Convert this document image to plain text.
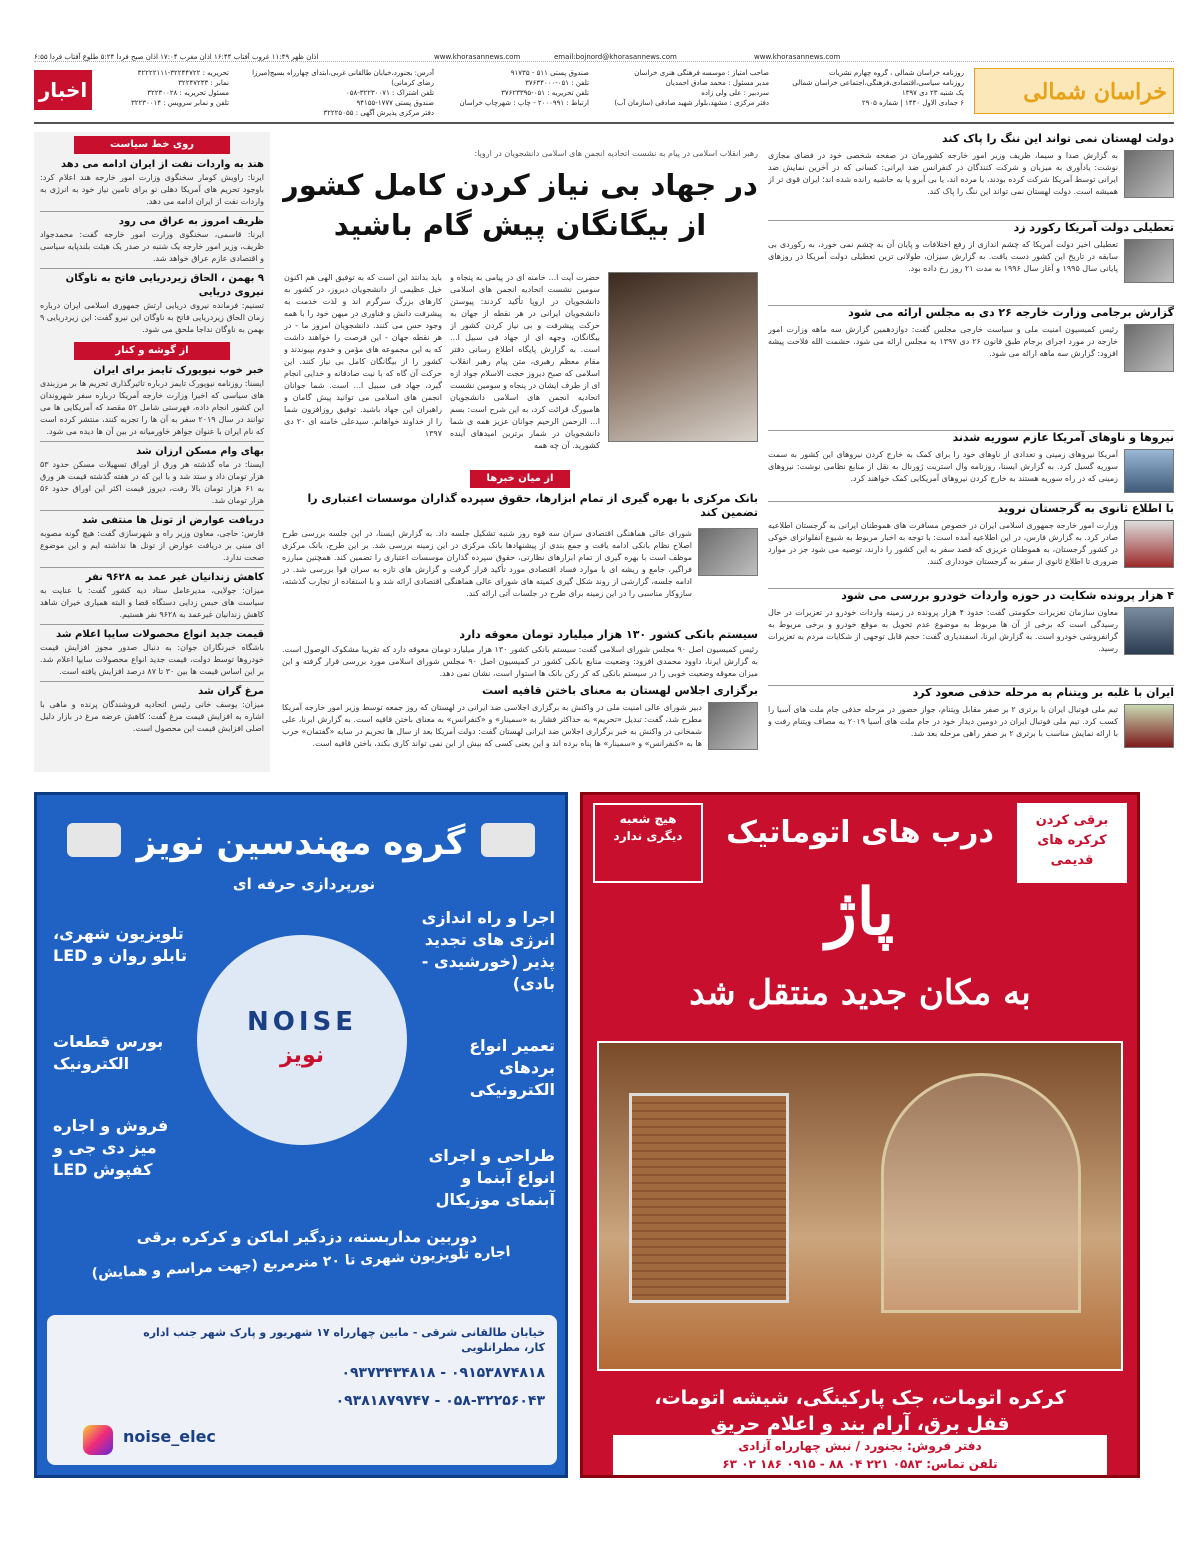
اذان ظهر ۱۱:۴۹ غروب آفتاب ۱۶:۴۴ اذان مغرب ۱۷:۰۴ اذان صبح فردا ۵:۲۴ طلوع آفتاب فردا ۶:۵۵	www.khorasannews.com	email:bojnord@khorasannews.com	www.khorasannews.com
خراسان شمالی
روزنامه خراسان شمالی ، گروه چهارم نشریات
روزنامه سیاسی،اقتصادی،فرهنگی،اجتماعی خراسان شمالی
یک شنبه ۲۳ دی ۱۳۹۷
۶ جمادی الاول ۱۴۴۰ | شماره ۲۹۰۵
صاحب امتیاز : موسسه فرهنگی هنری خراسان
مدیر مسئول : محمد صادق احمدیان
سردبیر : علی ولی زاده
دفتر مرکزی : مشهد،بلوار شهید صادقی (سازمان آب)
صندوق پستی ۵۱۱ - ۹۱۷۳۵
تلفن : ۰۵۱-۳۷۶۳۴۰۰۰
تلفن تحریریه : ۰۵۱-۳۷۶۲۳۳۹۵
ارتباط : ۲۰۰۰۹۹۱ - چاپ : شهرچاپ خراسان
آدرس: بجنورد،خیابان طالقانی غربی،ابتدای چهارراه بسیج(میرزا رضای کرمانی)
تلفن اشتراک : ۳۲۲۳۰۰۷۱-۰۵۸
صندوق پستی ۱۷۷۷-۹۴۱۵۵
دفتر مرکزی پذیرش آگهی : ۳۲۲۲۵۰۵۵
تحریریه : ۳۲۲۴۴۷۲۲-۳۲۲۲۲۱۱۱
نمابر : ۳۲۲۴۷۲۳۳
مسئول تحریریه : ۳۲۲۳۰۰۲۸
تلفن و نمابر سرویس : ۳۲۲۳۰۰۱۴
اخبار
روی خط سیاست
هند به واردات نفت از ایران ادامه می دهد
ایرنا: راویش کومار سخنگوی وزارت امور خارجه هند اعلام کرد: باوجود تحریم های آمریکا دهلی نو برای تامین نیاز خود به انرژی به واردات نفت از ایران ادامه می دهد.
ظریف امروز به عراق می رود
ایرنا: قاسمی، سخنگوی وزارت امور خارجه گفت: محمدجواد ظریف، وزیر امور خارجه یک شنبه در صدر یک هیئت بلندپایه سیاسی و اقتصادی عازم عراق خواهد شد.
۹ بهمن ، الحاق زیردریایی فاتح به ناوگان نیروی دریایی
تسنیم: فرمانده نیروی دریایی ارتش جمهوری اسلامی ایران درباره زمان الحاق زیردریایی فاتح به ناوگان این نیرو گفت: این زیردریایی ۹ بهمن به ناوگان نداجا ملحق می شود.
از گوشه و کنار
خبر خوب نیویورک تایمز برای ایران
ایسنا: روزنامه نیویورک تایمز درباره تاثیرگذاری تحریم ها بر مرزبندی های سیاسی که اخیرا وزارت خارجه آمریکا درباره سفر شهروندان این کشور انجام داده، فهرستی شامل ۵۲ مقصد که آمریکایی ها می توانند در سال ۲۰۱۹ سفر به آن ها را تجربه کنند، منتشر کرده است که نام ایران با عنوان جواهر خاورمیانه در بین آن ها دیده می شود.
بهای وام مسکن ارزان شد
ایسنا: در ماه گذشته هر ورق از اوراق تسهیلات مسکن حدود ۵۳ هزار تومان داد و ستد شد و با این که در هفته گذشته قیمت هر ورق به ۶۱ هزار تومان بالا رفت، دیروز قیمت اکثر این اوراق حدود ۵۶ هزار تومان شد.
دریافت عوارض از تونل ها منتفی شد
فارس: حاجی، معاون وزیر راه و شهرسازی گفت: هیچ گونه مصوبه ای مبنی بر دریافت عوارض از تونل ها نداشته ایم و این موضوع صحت ندارد.
کاهش زندانیان غیر عمد به ۹۶۲۸ نفر
میزان: جولایی، مدیرعامل ستاد دیه کشور گفت: با عنایت به سیاست های حبس زدایی دستگاه قضا و البته همیاری خیران شاهد کاهش زندانیان غیرعمد به ۹۶۲۸ نفر هستیم.
قیمت جدید انواع محصولات سایپا اعلام شد
باشگاه خبرنگاران جوان: به دنبال صدور مجوز افزایش قیمت خودروها توسط دولت، قیمت جدید انواع محصولات سایپا اعلام شد. بر این اساس قیمت ها بین ۳۰ تا ۸۷ درصد افزایش یافته است.
مرغ گران شد
میزان: یوسف خانی رئیس اتحادیه فروشندگان پرنده و ماهی با اشاره به افزایش قیمت مرغ گفت: کاهش عرضه مرغ در بازار دلیل اصلی افزایش قیمت این محصول است.
رهبر انقلاب اسلامی در پیام به نشست اتحادیه انجمن های اسلامی دانشجویان در اروپا:
در جهاد بی نیاز کردن کامل کشور
از بیگانگان پیش گام باشید
حضرت آیت ا... خامنه ای در پیامی به پنجاه و سومین نشست اتحادیه انجمن های اسلامی دانشجویان در اروپا تأکید کردند: پیوستن دانشجویان ایرانی در هر نقطه از جهان به حرکت پیشرفت و بی نیاز کردن کشور از بیگانگان، وجهه ای از جهاد فی سبیل ا... است. به گزارش پایگاه اطلاع رسانی دفتر مقام معظم رهبری، متن پیام رهبر انقلاب اسلامی که صبح دیروز حجت الاسلام جواد ازه ای از طرف ایشان در پنجاه و سومین نشست اتحادیه انجمن های اسلامی دانشجویان هامبورگ قرائت کرد، به این شرح است: بسم ا... الرحمن الرحیم جوانان عزیز همه ی شما دانشجویان در شمار برترین امیدهای آینده کشورید. آن چه همه
باید بدانند این است که به توفیق الهی هم اکنون خیل عظیمی از دانشجویان دیروز، در کشور به کارهای بزرگ سرگرم اند و لذت خدمت به پیشرفت دانش و فناوری در میهن خود را با همه وجود حس می کنند. دانشجویان امروز ما - در هر نقطه جهان - این فرصت را خواهند داشت که به این مجموعه های مؤمن و خدوم بپیوندند و کشور را از بیگانگان کامل بی نیاز کنند. این حرکت آن گاه که با نیت صادقانه و خدایی انجام گیرد، جهاد فی سبیل ا... است. شما جوانان انجمن های اسلامی می توانید پیش گامان و راهبران این جهاد باشید. توفیق روزافزون شما را از خداوند خواهانم. سیدعلی خامنه ای ۲۰ دی ۱۳۹۷
از میان خبرها
بانک مرکزی با بهره گیری از تمام ابزارها، حقوق سپرده گذاران موسسات اعتباری را تضمین کند
شورای عالی هماهنگی اقتصادی سران سه قوه روز شنبه تشکیل جلسه داد. به گزارش ایسنا، در این جلسه بررسی طرح اصلاح نظام بانکی ادامه یافت و جمع بندی از پیشنهادها بانک مرکزی در این زمینه بررسی شد. بر این طرح، بانک مرکزی موظف است با بهره گیری از تمام ابزارهای نظارتی، حقوق سپرده گذاران موسسات اعتباری را تضمین کند. همچنین مبارزه فراگیر، جامع و ریشه ای با موارد فساد اقتصادی مورد تأکید قرار گرفت و گزارش های تازه به سران قوا بررسی شد. در ادامه جلسه، گزارشی از روند شکل گیری کمیته های شورای عالی هماهنگی اقتصادی ارائه شد و با استفاده از تجارب گذشته، سازوکار مناسبی را در این زمینه برای طرح در جلسات آتی ارائه کند.
سیستم بانکی کشور ۱۳۰ هزار میلیارد تومان معوقه دارد
رئیس کمیسیون اصل ۹۰ مجلس شورای اسلامی گفت: سیستم بانکی کشور ۱۳۰ هزار میلیارد تومان معوقه دارد که تقریبا مشکوک الوصول است. به گزارش ایرنا، داوود محمدی افزود: وضعیت منابع بانکی کشور در کمیسیون اصل ۹۰ مجلس شورای اسلامی مورد بررسی قرار گرفته و این میزان معوقه وضعیت خوبی را در سیستم بانکی که کر رکن بانک ها استوار است، نشان نمی دهد.
برگزاری اجلاس لهستان به معنای باختن قافیه است
دبیر شورای عالی امنیت ملی در واکنش به برگزاری اجلاسی ضد ایرانی در لهستان که روز جمعه توسط وزیر امور خارجه آمریکا مطرح شد، گفت: تبدیل «تحریم» به حداکثر فشار به «سمینار» و «کنفرانس» به معنای باختن قافیه است. به گزارش ایرنا، علی شمخانی در واکنش به خبر برگزاری اجلاس ضد ایرانی لهستان گفت: دولت آمریکا بعد از سال ها تحریم در سایه «گفتمان» حرب ها به «کنفرانس» و «سمینار» ها پناه برده اند و این یعنی کسی که بیش از این نمی تواند کاری بکند، باختن قافیه است.
دولت لهستان نمی تواند این ننگ را پاک کند
به گزارش صدا و سیما، ظریف وزیر امور خارجه کشورمان در صفحه شخصی خود در فضای مجازی نوشت: یادآوری به میزبان و شرکت کنندگان در کنفرانس ضد ایرانی: کسانی که در آخرین نمایش ضد ایرانی توسط آمریکا شرکت کرده بودند، یا مرده اند، یا بی آبرو یا به حاشیه رانده شده اند؛ ایران قوی تر از همیشه است. دولت لهستان نمی تواند این ننگ را پاک کند.
تعطیلی دولت آمریکا رکورد زد
تعطیلی اخیر دولت آمریکا که چشم اندازی از رفع اختلافات و پایان آن به چشم نمی خورد، به رکوردی بی سابقه در تاریخ این کشور دست یافت. به گزارش سیزان، طولانی ترین تعطیلی دولت آمریکا در روزهای پایانی سال ۱۹۹۵ و آغاز سال ۱۹۹۶ به مدت ۲۱ روز رخ داده بود.
گزارش برجامی وزارت خارجه ۲۶ دی به مجلس ارائه می شود
رئیس کمیسیون امنیت ملی و سیاست خارجی مجلس گفت: دوازدهمین گزارش سه ماهه وزارت امور خارجه در مورد اجرای برجام طبق قانون ۲۶ دی ۱۳۹۷ به مجلس ارائه می شود. حشمت الله فلاحت پیشه افزود: گزارش سه ماهه ارائه می شود.
نیروها و ناوهای آمریکا عازم سوریه شدند
آمریکا نیروهای زمینی و تعدادی از ناوهای خود را برای کمک به خارج کردن نیروهای این کشور به سمت سوریه گسیل کرد. به گزارش ایسنا، روزنامه وال استریت ژورنال به نقل از منابع نظامی نوشت: نیروهای زمینی که در راه سوریه هستند به خارج کردن نیروهای آمریکایی کمک خواهند کرد.
با اطلاع ثانوی به گرجستان نروید
وزارت امور خارجه جمهوری اسلامی ایران در خصوص مسافرت های هموطنان ایرانی به گرجستان اطلاعیه صادر کرد. به گزارش فارس، در این اطلاعیه آمده است: با توجه به اخبار مربوط به شیوع آنفلوانزای خوکی در کشور گرجستان، به هموطنان عزیزی که قصد سفر به این کشور را دارند، توصیه می شود جز در موارد ضروری تا اطلاع ثانوی از سفر به گرجستان خودداری کنند.
۴ هزار پرونده شکایت در حوزه واردات خودرو بررسی می شود
معاون سازمان تعزیرات حکومتی گفت: حدود ۴ هزار پرونده در زمینه واردات خودرو در تعزیرات در حال رسیدگی است که برخی از آن ها مربوط به موضوع عدم تحویل به موقع خودرو و برخی مربوط به گرانفروشی خودرو است. به گزارش ایرنا، اسفندیاری گفت: حجم قابل توجهی از شکایات مردم به تعزیرات رسید.
ایران با غلبه بر ویتنام به مرحله حذفی صعود کرد
تیم ملی فوتبال ایران با برتری ۲ بر صفر مقابل ویتنام، جواز حضور در مرحله حذفی جام ملت های آسیا را کسب کرد. تیم ملی فوتبال ایران در دومین دیدار خود در جام ملت های آسیا ۲۰۱۹ به مصاف ویتنام رفت و با ارائه نمایش مناسب با برتری ۲ بر صفر راهی مرحله بعد شد.
گروه مهندسین نویز
نورپردازی حرفه ای
اجرا و راه اندازی انرژی های تجدید پذیر (خورشیدی - بادی)
تعمیر انواع بردهای الکترونیکی
طراحی و اجرای انواع آبنما و آبنمای موزیکال
تلویزیون شهری، تابلو روان و LED
بورس قطعات الکترونیک
فروش و اجاره میز دی جی و کفپوش LED
NOISE
نویز
دوربین مداربسته، دزدگیر اماکن و کرکره برقی
اجاره تلویزیون شهری تا ۲۰ مترمربع (جهت مراسم و همایش)
خیابان طالقانی شرقی - مابین چهارراه ۱۷ شهریور و پارک شهر جنب اداره کار، مطرانلویی
۰۹۱۵۳۸۷۴۸۱۸ - ۰۹۳۷۳۴۳۴۸۱۸
۰۵۸-۳۲۲۵۶۰۴۳ - ۰۹۳۸۱۸۷۹۷۴۷
noise_elec
هیچ شعبه دیگری ندارد
برقی کردن کرکره های قدیمی
درب های اتوماتیک
پاژ
به مکان جدید منتقل شد
کرکره اتومات، جک پارکینگی، شیشه اتومات،
قفل برق، آرام بند و اعلام حریق
دفتر فروش: بجنورد / نبش چهارراه آزادی
تلفن تماس: ۰۵۸۳ ۲۲۱ ۰۴ ۸۸ - ۰۹۱۵ ۱۸۶ ۰۲ ۶۳
